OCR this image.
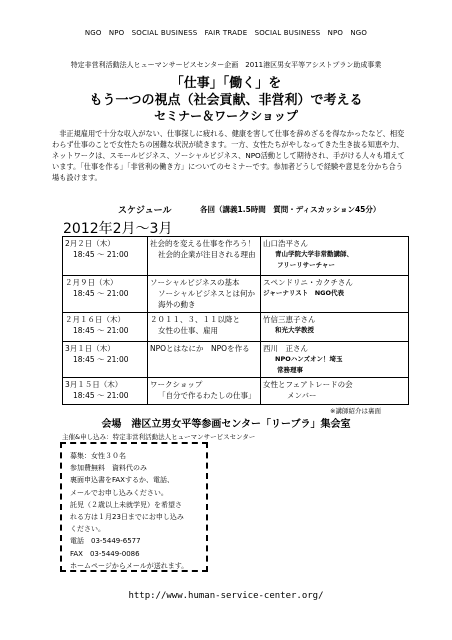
NGO　NPO　SOCIAL BUSINESS　FAIR TRADE　SOCIAL BUSINESS　NPO　NGO
特定非営利活動法人ヒューマンサービスセンター企画　2011港区男女平等アシストプラン助成事業
「仕事」「働く」を
もう一つの視点（社会貢献、非営利）で考える
セミナー＆ワークショップ

非正規雇用で十分な収入がない、仕事探しに疲れる、健康を害して仕事を辞めざるを得なかったなど、相変わらず仕事のことで女性たちの困難な状況が続きます。一方、女性たちがやしなってきた生き抜る知恵や力、ネットワークは、スモールビジネス、ソーシャルビジネス、NPO活動として期待され、手がける人々も増えています。「仕事を作る」「非営利の働き方」についてのセミナーです。参加者どうしで経験や意見を分かち合う場も設けます。

スケジュール	各回（講義1.5時間　質問・ディスカッション45分）
2012年2月〜3月
2月２日（木）
18:45 〜 21:00	社会的を変える仕事を作ろう！
社会的企業が注目される理由	山口浩平さん
青山学院大学非常勤講師、
フリーリサーチャー

２月９日（木）
18:45 〜 21:00	ソーシャルビジネスの基本
ソーシャルビジネスとは何か
海外の動き	スペンドリニ・カクチさん
ジャーナリスト　NGO代表

２月１６日（木）
18:45 〜 21:00	２０１１、３、１１以降と
女性の仕事、雇用	竹信三恵子さん
和光大学教授

3月１日（木）
18:45 〜 21:00	NPOとはなにか　NPOを作る	西川　正さん
NPOハンズオン！埼玉
常務理事

3月１５日（木）
18:45 〜 21:00	ワークショップ
「自分で作るわたしの仕事」	女性とフェアトレードの会
メンバー
※講師紹介は裏面
会場　港区立男女平等参画センター「リーブラ」集会室
主催&申し込み：特定非営利活動法人ヒューマンサービスセンター
募集：女性３０名
参加費無料　資料代のみ
裏面申込書をFAXするか、電話、
メールでお申し込みください。
託児（２歳以上未就学児）を希望さ
れる方は１月23日までにお申し込み
ください。
電話　03-5449-6577
FAX　03-5449-0086
ホームページからメールが送れます。
http://www.human-service-center.org/
